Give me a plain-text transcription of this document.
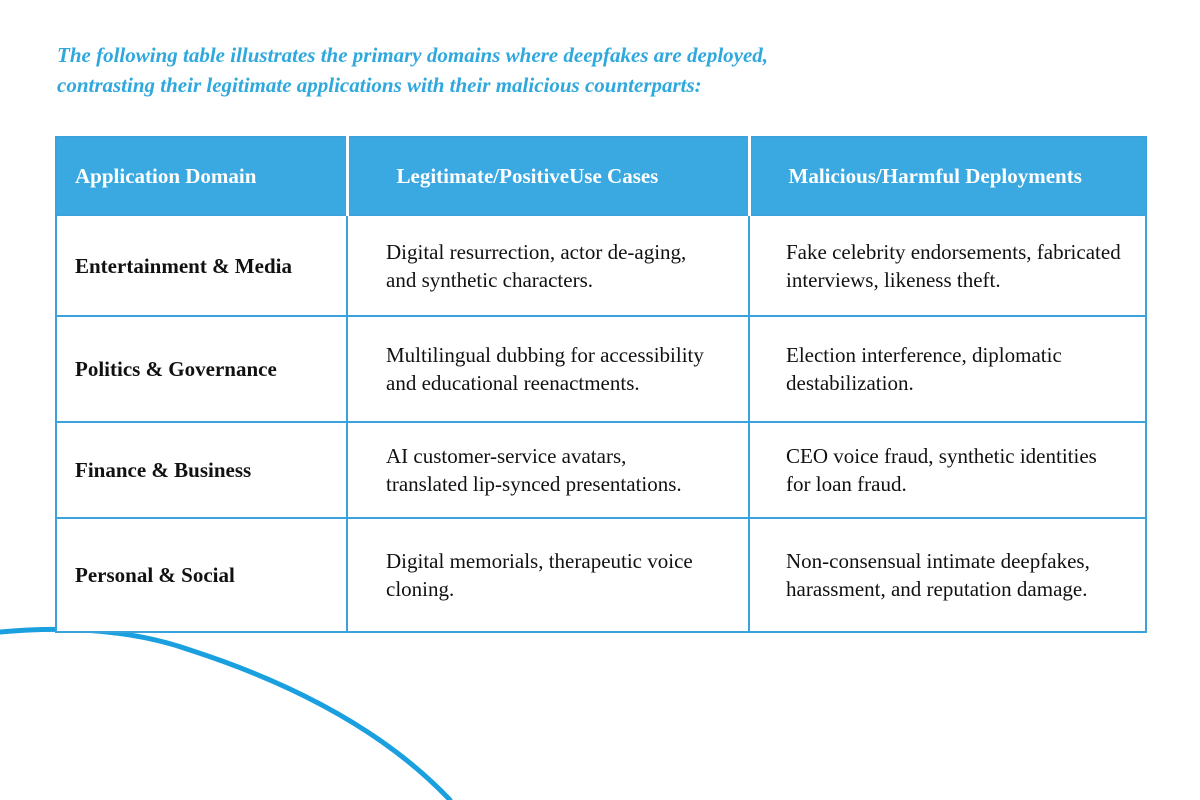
The following table illustrates the primary domains where deepfakes are deployed,
contrasting their legitimate applications with their malicious counterparts:

Application Domain	Legitimate/PositiveUse Cases	Malicious/Harmful Deployments
Entertainment & Media	Digital resurrection, actor de-aging, and synthetic characters.	Fake celebrity endorsements, fabricated interviews, likeness theft.
Politics & Governance	Multilingual dubbing for accessibility and educational reenactments.	Election interference, diplomatic destabilization.
Finance & Business	AI customer-service avatars, translated lip-synced presentations.	CEO voice fraud, synthetic identities for loan fraud.
Personal & Social	Digital memorials, therapeutic voice cloning.	Non-consensual intimate deepfakes, harassment, and reputation damage.
